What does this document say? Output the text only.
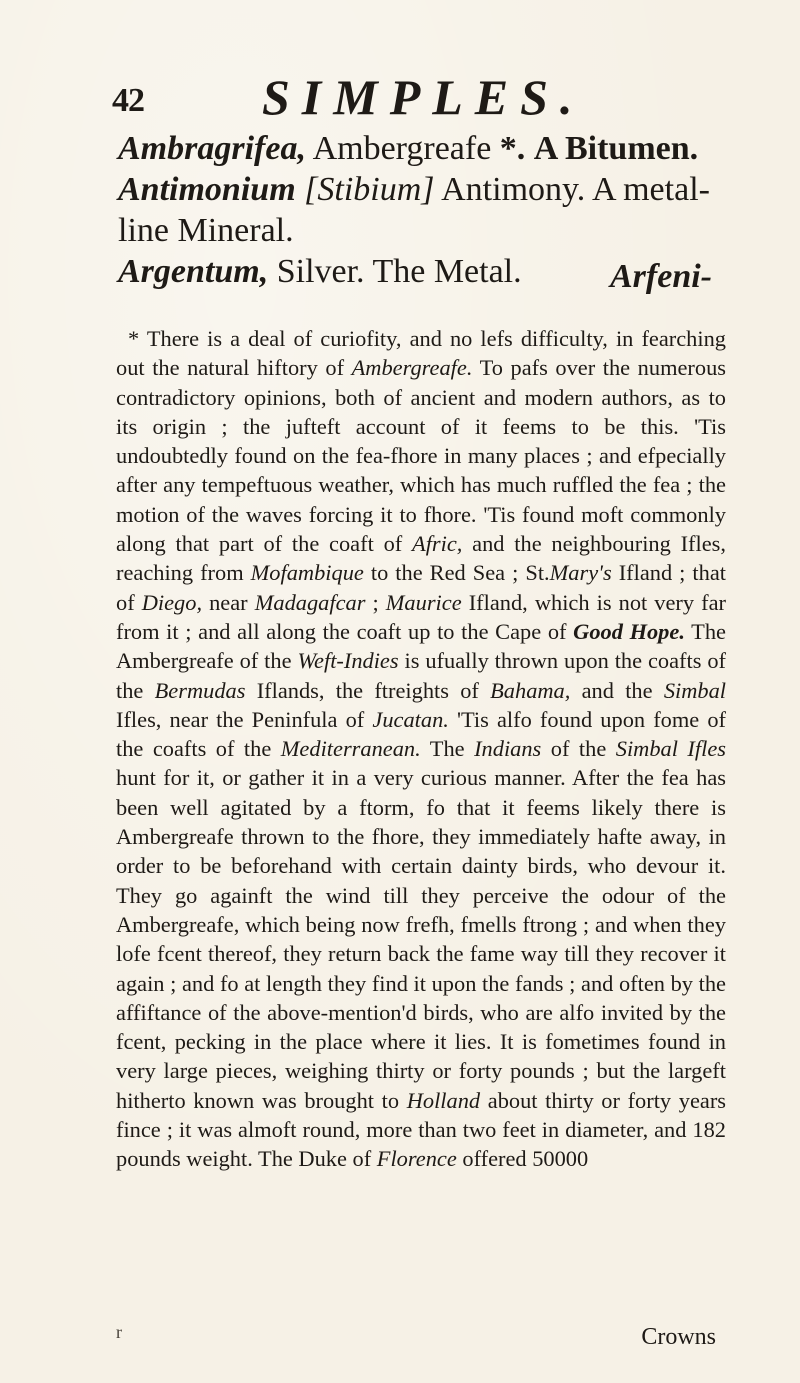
42 SIMPLES.

Ambragrifea, Ambergreafe *. A Bitumen.

Antimonium [Stibium] Antimony. A metal-
line Mineral.

Argentum, Silver. The Metal.	Arfeni-

* There is a deal of curiofity, and no lefs difficulty, in fearching out the natural hiftory of Ambergreafe. To pafs over the numerous contradictory opinions, both of ancient and modern authors, as to its origin ; the jufteft account of it feems to be this. 'Tis undoubtedly found on the fea-fhore in many places ; and efpecially after any tempeftuous weather, which has much ruffled the fea ; the motion of the waves forcing it to fhore. 'Tis found moft commonly along that part of the coaft of Afric, and the neighbouring Ifles, reaching from Mofambique to the Red Sea ; St.Mary's Ifland ; that of Diego, near Madagafcar ; Maurice Ifland, which is not very far from it ; and all along the coaft up to the Cape of Good Hope. The Ambergreafe of the Weft-Indies is ufually thrown upon the coafts of the Bermudas Iflands, the ftreights of Bahama, and the Simbal Ifles, near the Peninfula of Jucatan. 'Tis alfo found upon fome of the coafts of the Mediterranean. The Indians of the Simbal Ifles hunt for it, or gather it in a very curious manner. After the fea has been well agitated by a ftorm, fo that it feems likely there is Ambergreafe thrown to the fhore, they immediately hafte away, in order to be beforehand with certain dainty birds, who devour it. They go againft the wind till they perceive the odour of the Ambergreafe, which being now frefh, fmells ftrong ; and when they lofe fcent thereof, they return back the fame way till they recover it again ; and fo at length they find it upon the fands ; and often by the affiftance of the above-mention'd birds, who are alfo invited by the fcent, pecking in the place where it lies. It is fometimes found in very large pieces, weighing thirty or forty pounds ; but the largeft hitherto known was brought to Holland about thirty or forty years fince ; it was almoft round, more than two feet in diameter, and 182 pounds weight. The Duke of Florence offered 50000

r	Crowns
